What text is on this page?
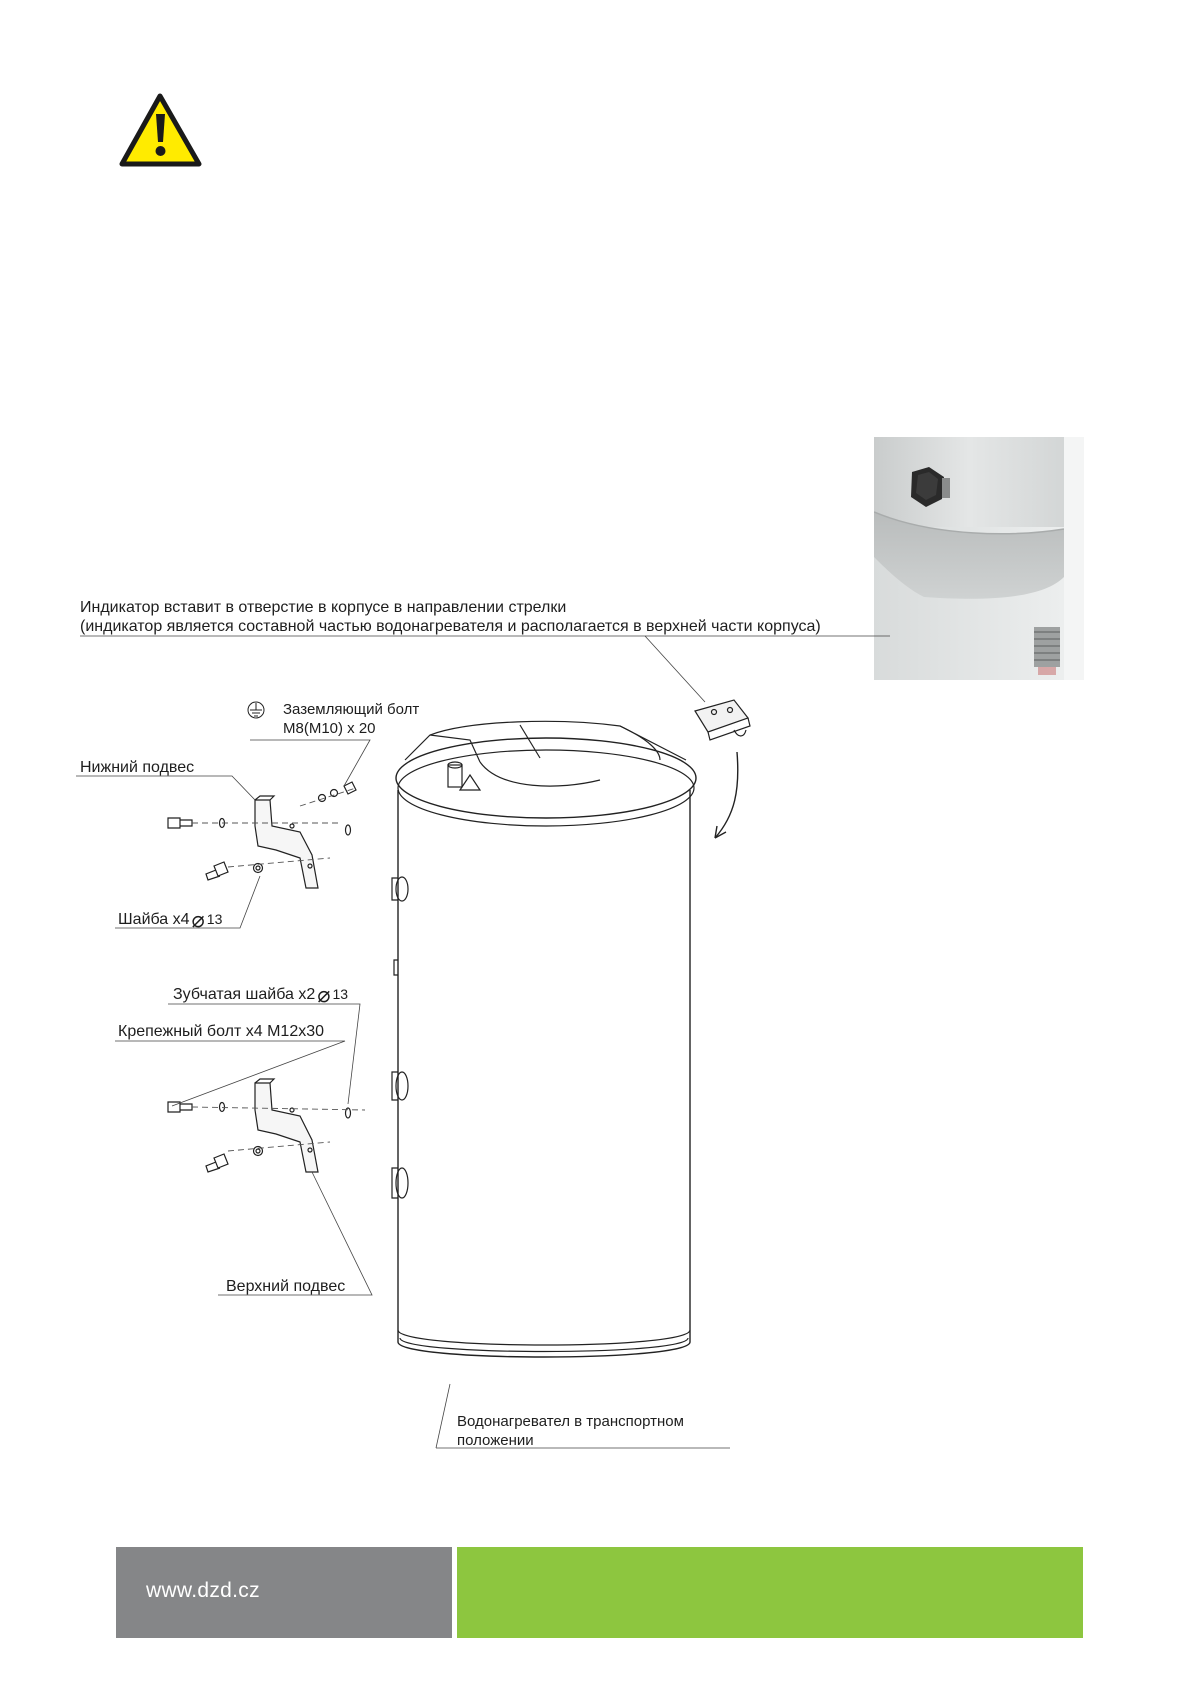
Индикатор вставит в отверстие в корпусе в направлении стрелки
(индикатор является составной частью водонагревателя и располагается в верхней части корпуса)
Заземляющий болт
M8(M10) x 20
Нижний подвес
Шайба x4⌀ 13
Зубчатая шайба x2⌀ 13
Крепежный болт x4 M12x30
Верхний подвес
Водонагревател в транспортном
положении
www.dzd.cz
